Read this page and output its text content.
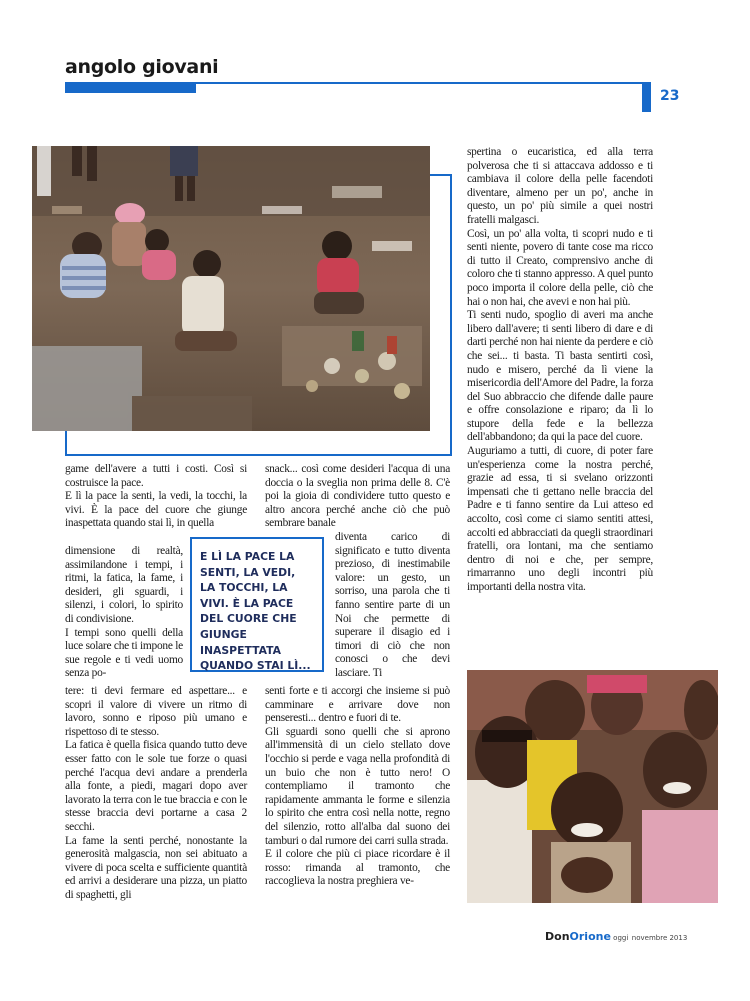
angolo giovani
23

game dell'avere a tutti i costi. Così si costruisce la pace.

E lì la pace la senti, la vedi, la tocchi, la vivi. È la pace del cuore che giunge inaspettata quando stai lì, in quella

dimensione di realtà, assimilandone i tempi, i ritmi, la fatica, la fame, i desideri, gli sguardi, i silenzi, i colori, lo spirito di condivisione.

I tempi sono quelli della luce solare che ti impone le sue regole e ti vedi uomo senza po-

tere: ti devi fermare ed aspettare... e scopri il valore di vivere un ritmo di lavoro, sonno e riposo più umano e rispettoso di te stesso.

La fatica è quella fisica quando tutto deve esser fatto con le sole tue forze o quasi perché l'acqua devi andare a prenderla alla fonte, a piedi, magari dopo aver lavorato la terra con le tue braccia e con le stesse braccia devi portarne a casa 2 secchi.

La fame la senti perché, nonostante la generosità malgascia, non sei abituato a vivere di poca scelta e sufficiente quantità ed arrivi a desiderare una pizza, un piatto di spaghetti, gli

E LÌ LA PACE LA SENTI, LA VEDI, LA TOCCHI, LA VIVI. È LA PACE DEL CUORE CHE GIUNGE INASPETTATA QUANDO STAI LÌ...

snack... così come desideri l'acqua di una doccia o la sveglia non prima delle 8. C'è poi la gioia di condividere tutto questo e altro ancora perché anche ciò che può sembrare banale

diventa carico di significato e tutto diventa prezioso, di inestimabile valore: un gesto, un sorriso, una parola che ti fanno sentire parte di un Noi che permette di superare il disagio ed i timori di ciò che non conosci o che devi lasciare. Ti

senti forte e ti accorgi che insieme si può camminare e arrivare dove non penseresti... dentro e fuori di te.

Gli sguardi sono quelli che si aprono all'immensità di un cielo stellato dove l'occhio si perde e vaga nella profondità di un buio che non è tutto nero! O contempliamo il tramonto che rapidamente ammanta le forme e silenzia lo spirito che entra così nella notte, regno del silenzio, rotto all'alba dal suono dei tamburi o dal rumore dei carri sulla strada.

E il colore che più ci piace ricordare è il rosso: rimanda al tramonto, che raccoglieva la nostra preghiera ve-

spertina o eucaristica, ed alla terra polverosa che ti si attaccava addosso e ti cambiava il colore della pelle facendoti diventare, almeno per un po', anche in questo, un po' più simile a quei nostri fratelli malgasci.

Così, un po' alla volta, ti scopri nudo e ti senti niente, povero di tante cose ma ricco di tutto il Creato, comprensivo anche di coloro che ti stanno appresso. A quel punto poco importa il colore della pelle, ciò che hai o non hai, che avevi e non hai più.

Ti senti nudo, spoglio di averi ma anche libero dall'avere; ti senti libero di dare e di darti perché non hai niente da perdere e ciò che sei... ti basta. Ti basta sentirti così, nudo e misero, perché da lì viene la misericordia dell'Amore del Padre, la forza del Suo abbraccio che difende dalle paure e offre consolazione e riparo; da lì lo stupore della fede e la bellezza dell'abbandono; da qui la pace del cuore.

Auguriamo a tutti, di cuore, di poter fare un'esperienza come la nostra perché, grazie ad essa, ti si svelano orizzonti impensati che ti gettano nelle braccia del Padre e ti fanno sentire da Lui atteso ed accolto, così come ci siamo sentiti attesi, accolti ed abbracciati da quegli straordinari fratelli, ora lontani, ma che sentiamo dentro di noi e che, per sempre, rimarranno uno degli incontri più importanti della nostra vita.

DonOrione oggi novembre 2013
